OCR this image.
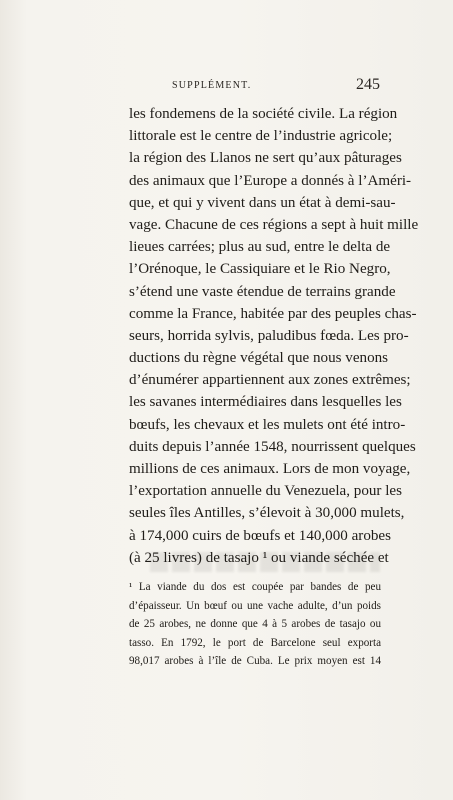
SUPPLÉMENT.	245
les fondemens de la société civile. La région
littorale est le centre de l’industrie agricole;
la région des Llanos ne sert qu’aux pâturages
des animaux que l’Europe a donnés à l’Améri-
que, et qui y vivent dans un état à demi-sau-
vage. Chacune de ces régions a sept à huit mille
lieues carrées; plus au sud, entre le delta de
l’Orénoque, le Cassiquiare et le Rio Negro,
s’étend une vaste étendue de terrains grande
comme la France, habitée par des peuples chas-
seurs, horrida sylvis, paludibus fœda. Les pro-
ductions du règne végétal que nous venons
d’énumérer appartiennent aux zones extrêmes;
les savanes intermédiaires dans lesquelles les
bœufs, les chevaux et les mulets ont été intro-
duits depuis l’année 1548, nourrissent quelques
millions de ces animaux. Lors de mon voyage,
l’exportation annuelle du Venezuela, pour les
seules îles Antilles, s’élevoit à 30,000 mulets,
à 174,000 cuirs de bœufs et 140,000 arobes
(à 25 livres) de tasajo ¹ ou viande séchée et
¹ La viande du dos est coupée par bandes de peu
d’épaisseur. Un bœuf ou une vache adulte, d’un poids
de 25 arobes, ne donne que 4 à 5 arobes de tasajo ou
tasso. En 1792, le port de Barcelone seul exporta
98,017 arobes à l’île de Cuba. Le prix moyen est 14
